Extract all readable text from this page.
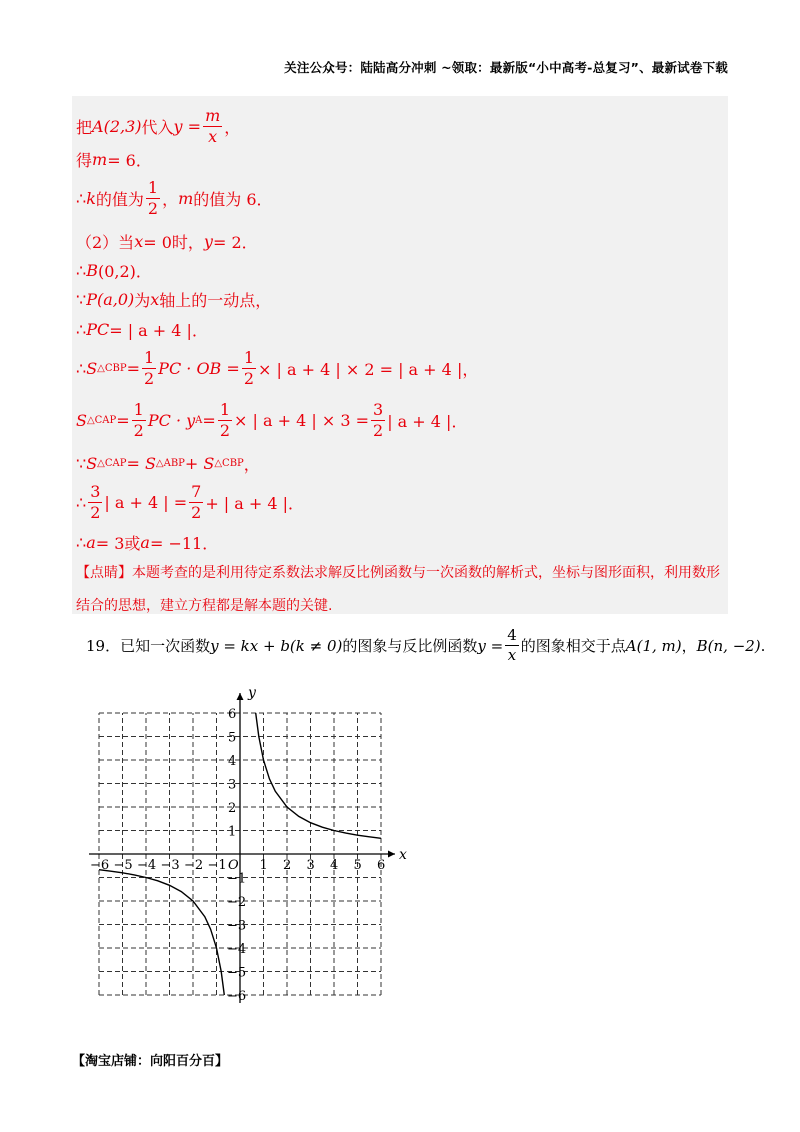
关注公众号：陆陆高分冲刺 ~领取：最新版“小中高考-总复习”、最新试卷下载
把 A (2,3) 代入 $y = \frac{m}{x}$ ，
得 m = 6．
∴ k 的值为 $\frac{1}{2}$ ， m 的值为 6．
（2）当 x = 0时， y = 2．
∴ B (0,2)．
∵ P (a,0) 为 x 轴上的一动点，
∴ PC = | a + 4 |．
∴ S △CBP = $\frac{1}{2}$ PC · OB = $\frac{1}{2}$ × | a + 4 | × 2 = | a + 4 |，
S △CAP = $\frac{1}{2}$ PC · y $A = \frac{1}{2}$ × | a + 4 | × $3 = \frac{3}{2}$ | a + 4 |．
∵ S △CAP = S △ABP + S △CBP ，
∴ $\frac{3}{2}$ | a + 4 | = $\frac{7}{2}$ + | a + 4 |．
∴ a = 3或 a = −11．
【点睛】本题考查的是利用待定系数法求解反比例函数与一次函数的解析式，坐标与图形面积，利用数形结合的思想，建立方程都是解本题的关键.
19．已知一次函数 y = kx + b(k ≠ 0) 的图象与反比例函数 $y = \frac{4}{x}$ 的图象相交于点 A(1, m) ， B(n, −2) .
x
y
O
−6 −5 −4 −3 −2 −1	1 2 3 4 5 6
6
5
4
3
2
1
−1
−2
−3
−4
−5
−6
【淘宝店铺：向阳百分百】
